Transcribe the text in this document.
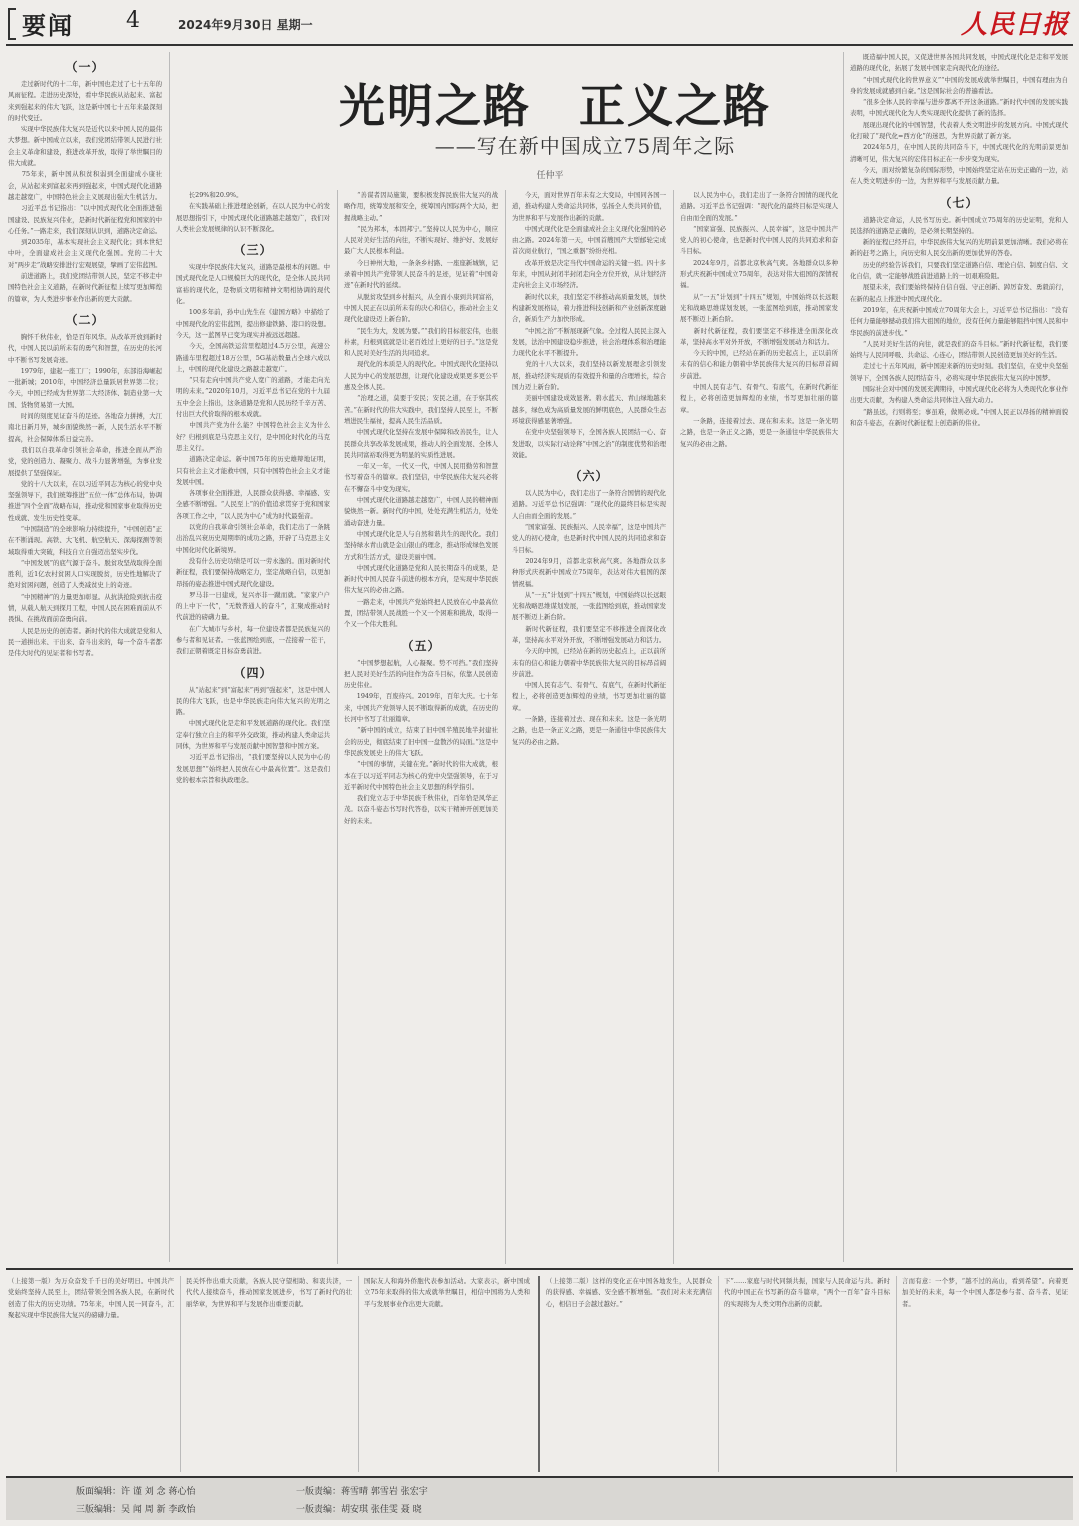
要闻 4	2024年9月30日 星期一	人民日报
光明之路　正义之路
——写在新中国成立75周年之际
任仲平
（一）

　　走过新时代的十二年，新中国也走过了七十五年的风雨征程。走进历史深处，看中华民族从站起来、富起来到强起来的伟大飞跃，这是新中国七十五年来最深刻的时代变迁。

　　实现中华民族伟大复兴是近代以来中国人民的最伟大梦想。新中国成立以来，我们党团结带领人民进行社会主义革命和建设，推进改革开放，取得了举世瞩目的伟大成就。

　　75年来，新中国从积贫积弱到全面建成小康社会，从站起来到富起来再到强起来，中国式现代化道路越走越宽广，中国特色社会主义展现出强大生机活力。

　　习近平总书记指出：“以中国式现代化全面推进强国建设、民族复兴伟业，是新时代新征程党和国家的中心任务。”一路走来，我们深刻认识到，道路决定命运。

　　到2035年，基本实现社会主义现代化；到本世纪中叶，全面建成社会主义现代化强国。党的二十大对“两步走”战略安排进行宏观展望，擘画了宏伟蓝图。

　　前进道路上，我们党团结带领人民，坚定不移走中国特色社会主义道路，在新时代新征程上续写更加辉煌的篇章，为人类进步事业作出新的更大贡献。

（二）

　　胸怀千秋伟业，恰是百年风华。从改革开放到新时代，中国人民以前所未有的勇气和智慧，在历史的长河中不断书写发展奇迹。

　　1979年，建起一座工厂；1990年，东部沿海崛起一批新城；2010年，中国经济总量跃居世界第二位；今天，中国已经成为世界第二大经济体、制造业第一大国、货物贸易第一大国。

　　时间的刻度见证奋斗的足迹。各地奋力拼搏，大江南北日新月异，城乡面貌焕然一新，人民生活水平不断提高，社会保障体系日益完善。

　　我们以自我革命引领社会革命，推进全面从严治党，党的创造力、凝聚力、战斗力显著增强，为事业发展提供了坚强保证。

　　党的十八大以来，在以习近平同志为核心的党中央坚强领导下，我们统筹推进“五位一体”总体布局，协调推进“四个全面”战略布局，推动党和国家事业取得历史性成就、发生历史性变革。

　　“中国制造”的全球影响力持续提升，“中国创造”正在不断涌现。高铁、大飞机、航空航天、深海探测等领域取得重大突破，科技自立自强迈出坚实步伐。

　　“中国发展”的底气源于奋斗。脱贫攻坚战取得全面胜利，近1亿农村贫困人口实现脱贫，历史性地解决了绝对贫困问题，创造了人类减贫史上的奇迹。

　　“中国精神”的力量更加彰显。从抗洪抢险到抗击疫情，从载人航天到探月工程，中国人民在困难面前从不畏惧、在挑战面前奋勇向前。

　　人民是历史的创造者。新时代的伟大成就是党和人民一道拼出来、干出来、奋斗出来的，每一个奋斗者都是伟大时代的见证者和书写者。

　　长29%和20.9%。

　　在实践基础上推进理论创新，在以人民为中心的发展思想指引下，中国式现代化道路越走越宽广，我们对人类社会发展规律的认识不断深化。

（三）

　　实现中华民族伟大复兴，道路是最根本的问题。中国式现代化是人口规模巨大的现代化，是全体人民共同富裕的现代化，是物质文明和精神文明相协调的现代化。

　　100多年前，孙中山先生在《建国方略》中描绘了中国现代化的宏伟蓝图，提出修建铁路、港口的设想。今天，这一蓝图早已变为现实并被远远超越。

　　今天，全国高铁运营里程超过4.5万公里，高速公路通车里程超过18万公里，5G基站数量占全球六成以上，中国的现代化建设之路越走越宽广。

　　“只有走向中国共产党人宽广的道路，才能走向光明的未来。”2020年10月，习近平总书记在党的十九届五中全会上指出，这条道路是党和人民历经千辛万苦、付出巨大代价取得的根本成就。

　　中国共产党为什么能？中国特色社会主义为什么好？归根到底是马克思主义行，是中国化时代化的马克思主义行。

　　道路决定命运。新中国75年的历史雄辩地证明，只有社会主义才能救中国，只有中国特色社会主义才能发展中国。

　　各项事业全面推进，人民群众获得感、幸福感、安全感不断增强。“人民至上”的价值追求贯穿于党和国家各项工作之中，“以人民为中心”成为时代最强音。

　　以党的自我革命引领社会革命，我们走出了一条跳出治乱兴衰历史周期率的成功之路，开辟了马克思主义中国化时代化新境界。

　　没有什么历史功绩是可以一劳永逸的。面对新时代新征程，我们要保持战略定力，坚定战略自信，以更加昂扬的姿态推进中国式现代化建设。

　　罗马非一日建成，复兴亦非一蹴而就。“家家户户的上中下一代”，“无数普通人的奋斗”，汇聚成推动时代前进的磅礴力量。

　　在广大城市与乡村，每一位建设者都是民族复兴的参与者和见证者。一张蓝图绘到底，一茬接着一茬干，我们正朝着既定目标奋勇前进。

（四）

　　从“站起来”到“富起来”再到“强起来”，这是中国人民的伟大飞跃，也是中华民族走向伟大复兴的光明之路。

　　中国式现代化是走和平发展道路的现代化。我们坚定奉行独立自主的和平外交政策，推动构建人类命运共同体，为世界和平与发展贡献中国智慧和中国方案。

　　习近平总书记指出，“我们要坚持以人民为中心的发展思想”“始终把人民放在心中最高位置”。这是我们党的根本宗旨和执政理念。

　　“善谋者因局施策，要积极发挥民族伟大复兴的战略作用，统筹发展和安全，统筹国内国际两个大局，把握战略主动。”

　　“民为邦本，本固邦宁。”坚持以人民为中心，顺应人民对美好生活的向往，不断实现好、维护好、发展好最广大人民根本利益。

　　今日神州大地，一条条乡村路、一座座新城镇，记录着中国共产党带领人民奋斗的足迹，见证着“中国奇迹”在新时代的延续。

　　从脱贫攻坚到乡村振兴，从全面小康到共同富裕，中国人民正在以前所未有的决心和信心，推动社会主义现代化建设迈上新台阶。

　　“民生为大，发展为要。”“我们的目标很宏伟，也很朴素，归根到底就是让老百姓过上更好的日子。”这是党和人民对美好生活的共同追求。

　　现代化的本质是人的现代化。中国式现代化坚持以人民为中心的发展思想，让现代化建设成果更多更公平惠及全体人民。

　　“治理之道，莫要于安民；安民之道，在于察其疾苦。”在新时代的伟大实践中，我们坚持人民至上，不断增进民生福祉，提高人民生活品质。

　　中国式现代化坚持在发展中保障和改善民生，让人民群众共享改革发展成果，推动人的全面发展、全体人民共同富裕取得更为明显的实质性进展。

　　一年又一年，一代又一代，中国人民用勤劳和智慧书写着奋斗的篇章。我们坚信，中华民族伟大复兴必将在不懈奋斗中变为现实。

　　中国式现代化道路越走越宽广，中国人民的精神面貌焕然一新。新时代的中国，处处充满生机活力，处处涌动奋进力量。

　　中国式现代化是人与自然和谐共生的现代化。我们坚持绿水青山就是金山银山的理念，推动形成绿色发展方式和生活方式，建设美丽中国。

　　中国式现代化道路是党和人民长期奋斗的成果，是新时代中国人民奋斗前进的根本方向，是实现中华民族伟大复兴的必由之路。

　　一路走来，中国共产党始终把人民放在心中最高位置，团结带领人民战胜一个又一个困难和挑战，取得一个又一个伟大胜利。

（五）

　　“中国梦想起航，人心凝聚。势不可挡。”我们坚持把人民对美好生活的向往作为奋斗目标，依靠人民创造历史伟业。

　　1949年，百废待兴。2019年，百年大庆。七十年来，中国共产党领导人民不断取得新的成就，在历史的长河中书写了壮丽篇章。

　　“新中国的成立，结束了旧中国半殖民地半封建社会的历史，彻底结束了旧中国一盘散沙的局面。”这是中华民族发展史上的伟大飞跃。

　　“中国的事情，关键在党。”新时代的伟大成就，根本在于以习近平同志为核心的党中央坚强领导，在于习近平新时代中国特色社会主义思想的科学指引。

　　我们党立志于中华民族千秋伟业，百年恰是风华正茂。以奋斗姿态书写时代答卷，以实干精神开创更加美好的未来。

　　今天，面对世界百年未有之大变局，中国同各国一道，推动构建人类命运共同体，弘扬全人类共同价值，为世界和平与发展作出新的贡献。

　　中国式现代化是全面建成社会主义现代化强国的必由之路。2024年第一天，中国首艘国产大型邮轮完成首次商业航行，“国之重器”纷纷亮相。

　　改革开放是决定当代中国命运的关键一招。四十多年来，中国从封闭半封闭走向全方位开放，从计划经济走向社会主义市场经济。

　　新时代以来，我们坚定不移推动高质量发展，加快构建新发展格局，着力推进科技创新和产业创新深度融合，新质生产力加快形成。

　　“中国之治”不断展现新气象。全过程人民民主深入发展，法治中国建设稳步推进，社会治理体系和治理能力现代化水平不断提升。

　　党的十八大以来，我们坚持以新发展理念引领发展，推动经济实现质的有效提升和量的合理增长，综合国力迈上新台阶。

　　美丽中国建设成效显著。碧水蓝天、青山绿地越来越多，绿色成为高质量发展的鲜明底色，人民群众生态环境获得感显著增强。

　　在党中央坚强领导下，全国各族人民团结一心、奋发进取，以实际行动诠释“中国之治”的制度优势和治理效能。

（六）

　　以人民为中心，我们走出了一条符合国情的现代化道路。习近平总书记强调：“现代化的最终目标是实现人自由而全面的发展。”

　　“国家富强、民族振兴、人民幸福”，这是中国共产党人的初心使命，也是新时代中国人民的共同追求和奋斗目标。

　　2024年9月，首都北京秋高气爽。各地群众以多种形式庆祝新中国成立75周年，表达对伟大祖国的深情祝福。

　　从“一五”计划到“十四五”规划，中国始终以长远眼光和战略思维谋划发展，一张蓝图绘到底，推动国家发展不断迈上新台阶。

　　新时代新征程，我们要坚定不移推进全面深化改革，坚持高水平对外开放，不断增强发展动力和活力。

　　今天的中国，已经站在新的历史起点上，正以前所未有的信心和能力朝着中华民族伟大复兴的目标昂首阔步前进。

　　中国人民有志气、有骨气、有底气，在新时代新征程上，必将创造更加辉煌的业绩，书写更加壮丽的篇章。

　　一条路，连接着过去、现在和未来。这是一条光明之路，也是一条正义之路，更是一条通往中华民族伟大复兴的必由之路。

　　既造福中国人民，又促进世界各国共同发展，中国式现代化是走和平发展道路的现代化，拓展了发展中国家走向现代化的途径。

　　“中国式现代化的世界意义”“中国的发展成就举世瞩目，中国有理由为自身的发展成就感到自豪。”这是国际社会的普遍看法。

　　“很多全体人民的幸福与进步都离不开这条道路。”新时代中国的发展实践表明，中国式现代化为人类实现现代化提供了新的选择。

　　展现出现代化的中国智慧，代表着人类文明进步的发展方向。中国式现代化打破了“现代化=西方化”的迷思，为世界贡献了新方案。

　　2024年5月，在中国人民的共同奋斗下，中国式现代化的光明前景更加清晰可见，伟大复兴的宏伟目标正在一步步变为现实。

　　今天，面对纷繁复杂的国际形势，中国始终坚定站在历史正确的一边，站在人类文明进步的一边，为世界和平与发展贡献力量。

（七）

　　道路决定命运，人民书写历史。新中国成立75周年的历史证明，党和人民选择的道路是正确的，是必须长期坚持的。

　　新的征程已经开启，中华民族伟大复兴的光明前景更加清晰。我们必将在新的赶考之路上，向历史和人民交出新的更加优异的答卷。

　　历史的经验告诉我们，只要我们坚定道路自信、理论自信、制度自信、文化自信，就一定能够战胜前进道路上的一切艰难险阻。

　　展望未来，我们要始终保持自信自强、守正创新、踔厉奋发、勇毅前行，在新的起点上推进中国式现代化。

　　2019年，在庆祝新中国成立70周年大会上，习近平总书记指出：“没有任何力量能够撼动我们伟大祖国的地位，没有任何力量能够阻挡中国人民和中华民族的前进步伐。”

　　“人民对美好生活的向往，就是我们的奋斗目标。”新时代新征程，我们要始终与人民同呼吸、共命运、心连心，团结带领人民创造更加美好的生活。

　　走过七十五年风雨，新中国迎来新的历史时刻。我们坚信，在党中央坚强领导下，全国各族人民团结奋斗，必将实现中华民族伟大复兴的中国梦。

　　国际社会对中国的发展充满期待，中国式现代化必将为人类现代化事业作出更大贡献，为构建人类命运共同体注入强大动力。

　　“路虽远，行则将至；事虽难，做则必成。”中国人民正以昂扬的精神面貌和奋斗姿态，在新时代新征程上创造新的伟业。

　　以人民为中心，我们走出了一条符合国情的现代化道路。习近平总书记强调：“现代化的最终目标是实现人自由而全面的发展。”

　　“国家富强、民族振兴、人民幸福”，这是中国共产党人的初心使命，也是新时代中国人民的共同追求和奋斗目标。

　　2024年9月，首都北京秋高气爽。各地群众以多种形式庆祝新中国成立75周年，表达对伟大祖国的深情祝福。

　　从“一五”计划到“十四五”规划，中国始终以长远眼光和战略思维谋划发展，一张蓝图绘到底，推动国家发展不断迈上新台阶。

　　新时代新征程，我们要坚定不移推进全面深化改革，坚持高水平对外开放，不断增强发展动力和活力。

　　今天的中国，已经站在新的历史起点上，正以前所未有的信心和能力朝着中华民族伟大复兴的目标昂首阔步前进。

　　中国人民有志气、有骨气、有底气，在新时代新征程上，必将创造更加辉煌的业绩，书写更加壮丽的篇章。

　　一条路，连接着过去、现在和未来。这是一条光明之路，也是一条正义之路，更是一条通往中华民族伟大复兴的必由之路。

（上接第一版）为万众奋发千千日的美好明日。中国共产党始终坚持人民至上，团结带领全国各族人民，在新时代创造了伟大的历史功绩。75年来，中国人民一同奋斗，汇聚起实现中华民族伟大复兴的磅礴力量。

民关怀作出重大贡献，各族人民守望相助、和衷共济，一代代人接续奋斗，推动国家发展进步，书写了新时代的壮丽华章，为世界和平与发展作出重要贡献。

国际友人和海外侨胞代表参加活动。大家表示，新中国成立75年来取得的伟大成就举世瞩目，相信中国将为人类和平与发展事业作出更大贡献。

（上接第二版）这样的变化正在中国各地发生，人民群众的获得感、幸福感、安全感不断增强。“我们对未来充满信心，相信日子会越过越好。”

下”……家庭与时代同频共振，国家与人民命运与共。新时代的中国正在书写新的奋斗篇章，“两个一百年”奋斗目标的实现将为人类文明作出新的贡献。

言而有意：一个梦，“越不过的高山，看到希望”。向着更加美好的未来，每一个中国人都是参与者、奋斗者、见证者。

版面编辑：许 谨 刘 念 蒋心怡
三版编辑：吴 闻 周 新 李政怡
一版责编：蒋雪晴 郭雪岩 张宏宇
一版责编：胡安琪 张佳雯 聂 晓
